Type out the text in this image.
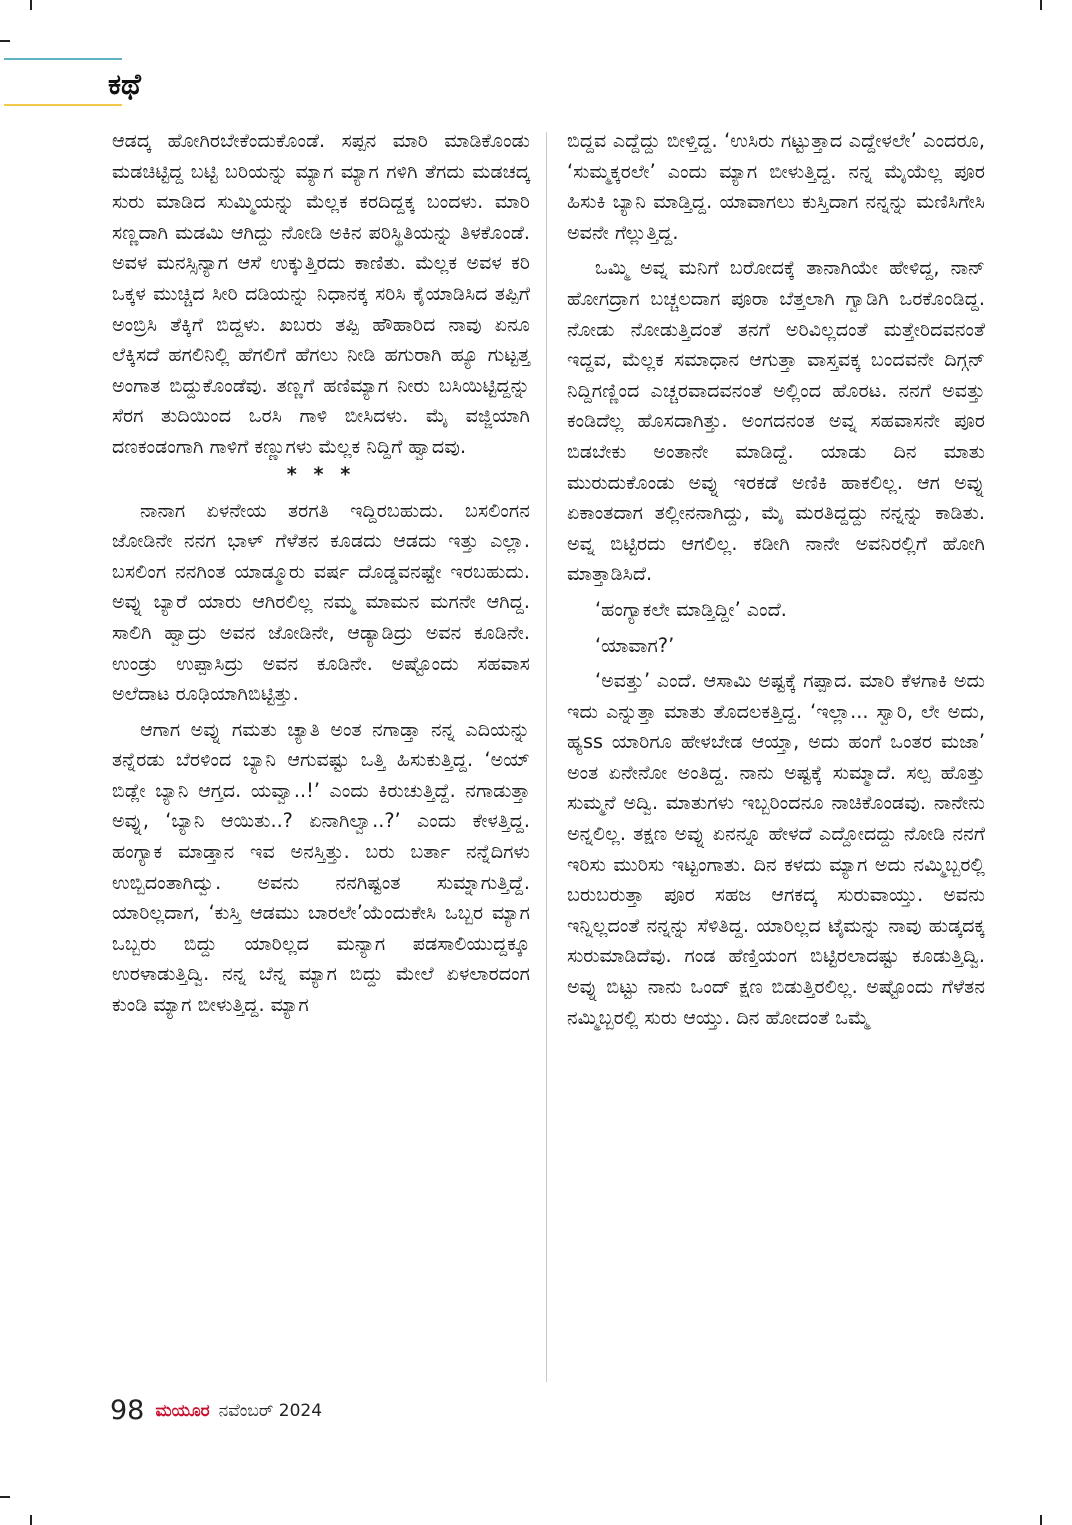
ಕಥೆ

ಆಡದ್ಕ ಹೋಗಿರಬೇಕೆಂದುಕೊಂಡೆ. ಸಪ್ಪನ ಮಾರಿ ಮಾಡಿಕೊಂಡು ಮಡಚಿಟ್ಟಿದ್ದ ಬಟ್ಟಿ ಬರಿಯನ್ನು ಮ್ಯಾಗ ಮ್ಯಾಗ ಗಳಿಗಿ ತೆಗದು ಮಡಚದ್ಕ ಸುರು ಮಾಡಿದ ಸುಮ್ಮಿಯನ್ನು ಮೆಲ್ಲಕ ಕರದಿದ್ದಕ್ಕ ಬಂದಳು. ಮಾರಿ ಸಣ್ಣದಾಗಿ ಮಡಮಿ ಆಗಿದ್ದು ನೋಡಿ ಅಕಿನ ಪರಿಸ್ಥಿತಿಯನ್ನು ತಿಳಕೊಂಡೆ. ಅವಳ ಮನಸ್ಸಿನ್ಯಾಗ ಆಸೆ ಉಕ್ಕುತ್ತಿರದು ಕಾಣಿತು. ಮೆಲ್ಲಕ ಅವಳ ಕರಿ ಒಕ್ಕಳ ಮುಚ್ಚಿದ ಸೀರಿ ದಡಿಯನ್ನು ನಿಧಾನಕ್ಕ ಸರಿಸಿ ಕೈಯಾಡಿಸಿದ ತಪ್ಪಿಗೆ ಅಂಬ್ರಿಸಿ ತೆಕ್ಕಿಗೆ ಬಿದ್ದಳು. ಖಬರು ತಪ್ಪಿ ಹೌಹಾರಿದ ನಾವು ಏನೂ ಲೆಕ್ಕಿಸದೆ ಹಗಲಿನಿಲ್ಲಿ ಹೆಗಲಿಗೆ ಹೆಗಲು ನೀಡಿ ಹಗುರಾಗಿ ಹ್ಯೂ ಗುಟ್ಟತ್ತ ಅಂಗಾತ ಬಿದ್ದುಕೊಂಡೆವು. ತಣ್ಣಗೆ ಹಣಿಮ್ಯಾಗ ನೀರು ಬಸಿಯಿಟ್ಟಿದ್ದನ್ನು ಸೆರಗ ತುದಿಯಿಂದ ಒರಸಿ ಗಾಳಿ ಬೀಸಿದಳು. ಮೈ ವಜ್ಜಿಯಾಗಿ ದಣಕಂಡಂಗಾಗಿ ಗಾಳಿಗೆ ಕಣ್ಣುಗಳು ಮೆಲ್ಲಕ ನಿದ್ದಿಗೆ ಹ್ವಾದವು.

* * *

ನಾನಾಗ ಏಳನೇಯ ತರಗತಿ ಇದ್ದಿರಬಹುದು. ಬಸಲಿಂಗನ ಜೋಡಿನೇ ನನಗ ಭಾಳ್ ಗೆಳೆತನ ಕೂಡದು ಆಡದು ಇತ್ತು ಎಲ್ಲಾ. ಬಸಲಿಂಗ ನನಗಿಂತ ಯಾಡ್ಮೂರು ವರ್ಷ ದೊಡ್ಡವನಷ್ಟೇ ಇರಬಹುದು. ಅವ್ನು ಬ್ಯಾರೆ ಯಾರು ಆಗಿರಲಿಲ್ಲ ನಮ್ಮ ಮಾಮನ ಮಗನೇ ಆಗಿದ್ದ. ಸಾಲಿಗಿ ಹ್ವಾದ್ರು ಅವನ ಜೋಡಿನೇ, ಆಡ್ಯಾಡಿದ್ರು ಅವನ ಕೂಡಿನೇ. ಉಂಡ್ರು ಉಪ್ಪಾಸಿದ್ರು ಅವನ ಕೂಡಿನೇ. ಅಷ್ಟೊಂದು ಸಹವಾಸ ಅಲೆದಾಟ ರೂಢಿಯಾಗಿಬಿಟ್ಟಿತ್ತು.

ಆಗಾಗ ಅವ್ನು ಗಮತು ಚ್ಯಾತಿ ಅಂತ ನಗಾಡ್ತಾ ನನ್ನ ಎದಿಯನ್ನು ತನ್ನೆರಡು ಬೆರಳಿಂದ ಬ್ಯಾನಿ ಆಗುವಷ್ಟು ಒತ್ತಿ ಹಿಸುಕುತ್ತಿದ್ದ. ‘ಅಯ್ ಬಿಡ್ಲೇ ಬ್ಯಾನಿ ಆಗ್ತದ. ಯವ್ವಾ..!’ ಎಂದು ಕಿರುಚುತ್ತಿದ್ದೆ. ನಗಾಡುತ್ತಾ ಅವ್ನು, ‘ಬ್ಯಾನಿ ಆಯಿತು..? ಏನಾಗಿಲ್ವಾ..?’ ಎಂದು ಕೇಳತ್ತಿದ್ದ. ಹಂಗ್ಯಾಕ ಮಾಡ್ತಾನ ಇವ ಅನಸ್ತಿತ್ತು. ಬರು ಬರ್ತಾ ನನ್ನೆದಿಗಳು ಉಬ್ಬಿದಂತಾಗಿದ್ವು. ಅವನು ನನಗಿಷ್ಟಂತ ಸುಮ್ನಾಗುತ್ತಿದ್ದೆ. ಯಾರಿಲ್ಲದಾಗ, ‘ಕುಸ್ತಿ ಆಡಮು ಬಾರಲೇ’ಯೆಂದುಕೇಸಿ ಒಬ್ಬರ ಮ್ಯಾಗ ಒಬ್ಬರು ಬಿದ್ದು ಯಾರಿಲ್ಲದ ಮನ್ಯಾಗ ಪಡಸಾಲಿಯುದ್ದಕ್ಕೂ ಉರಳಾಡುತ್ತಿದ್ವಿ. ನನ್ನ ಬೆನ್ನ ಮ್ಯಾಗ ಬಿದ್ದು ಮೇಲೆ ಏಳಲಾರದಂಗ ಕುಂಡಿ ಮ್ಯಾಗ ಬೀಳುತ್ತಿದ್ದ. ಮ್ಯಾಗ

ಬಿದ್ದವ ಎದ್ದೆದ್ದು ಬೀಳ್ತಿದ್ದ. ‘ಉಸಿರು ಗಟ್ಟುತ್ತಾದ ಎದ್ದೇಳಲೇ’ ಎಂದರೂ, ‘ಸುಮ್ಮಕ್ಕರಲೇ’ ಎಂದು ಮ್ಯಾಗ ಬೀಳುತ್ತಿದ್ದ. ನನ್ನ ಮೈಯೆಲ್ಲ ಪೂರ ಹಿಸುಕಿ ಬ್ಯಾನಿ ಮಾಡ್ತಿದ್ದ. ಯಾವಾಗಲು ಕುಸ್ತಿದಾಗ ನನ್ನನ್ನು ಮಣಿಸಿಗೇಸಿ ಅವನೇ ಗೆಲ್ಲುತ್ತಿದ್ದ.

ಒಮ್ಮಿ ಅವ್ನ ಮನಿಗೆ ಬರೋದಕ್ಕೆ ತಾನಾಗಿಯೇ ಹೇಳಿದ್ದ, ನಾನ್ ಹೋಗದ್ರಾಗ ಬಚ್ಚಲದಾಗ ಪೂರಾ ಬೆತ್ತಲಾಗಿ ಗ್ವಾಡಿಗಿ ಒರಕೊಂಡಿದ್ದ. ನೋಡು ನೋಡುತ್ತಿದಂತೆ ತನಗೆ ಅರಿವಿಲ್ಲದಂತೆ ಮತ್ತೇರಿದವನಂತೆ ಇದ್ದವ, ಮೆಲ್ಲಕ ಸಮಾಧಾನ ಆಗುತ್ತಾ ವಾಸ್ತವಕ್ಕ ಬಂದವನೇ ದಿಗ್ಗನ್ ನಿದ್ದಿಗಣ್ಣಿಂದ ಎಚ್ಚರವಾದವನಂತೆ ಅಲ್ಲಿಂದ ಹೊರಟ. ನನಗೆ ಅವತ್ತು ಕಂಡಿದೆಲ್ಲ ಹೊಸದಾಗಿತ್ತು. ಅಂಗದನಂತ ಅವ್ನ ಸಹವಾಸನೇ ಪೂರ ಬಿಡಬೇಕು ಅಂತಾನೇ ಮಾಡಿದ್ದೆ. ಯಾಡು ದಿನ ಮಾತು ಮುರುದುಕೊಂಡು ಅವ್ನು ಇರಕಡೆ ಅಣಿಕಿ ಹಾಕಲಿಲ್ಲ. ಆಗ ಅವ್ನು ಏಕಾಂತದಾಗ ತಲ್ಲೀನನಾಗಿದ್ದು, ಮೈ ಮರತಿದ್ದದ್ದು ನನ್ನನ್ನು ಕಾಡಿತು. ಅವ್ನ ಬಿಟ್ಟಿರದು ಆಗಲಿಲ್ಲ. ಕಡೀಗಿ ನಾನೇ ಅವನಿರಲ್ಲಿಗೆ ಹೋಗಿ ಮಾತ್ತಾಡಿಸಿದೆ.

‘ಹಂಗ್ಯಾಕಲೇ ಮಾಡ್ತಿದ್ದೀ’ ಎಂದೆ.

‘ಯಾವಾಗ?’

‘ಅವತ್ತು’ ಎಂದೆ. ಆಸಾಮಿ ಅಷ್ಟಕ್ಕೆ ಗಪ್ಪಾದ. ಮಾರಿ ಕೆಳಗಾಕಿ ಅದು ಇದು ಎನ್ನುತ್ತಾ ಮಾತು ತೊದಲಕತ್ತಿದ್ದ. ‘ಇಲ್ಲಾ... ಸ್ವಾರಿ, ಲೇ ಅದು, ಹ್ಯss ಯಾರಿಗೂ ಹೇಳಬೇಡ ಆಯ್ತಾ, ಅದು ಹಂಗೆ ಒಂತರ ಮಜಾ’ ಅಂತ ಏನೇನೋ ಅಂತಿದ್ದ. ನಾನು ಅಷ್ಟಕ್ಕೆ ಸುಮ್ಮಾದೆ. ಸಲ್ಪ ಹೊತ್ತು ಸುಮ್ಮನೆ ಅದ್ವಿ. ಮಾತುಗಳು ಇಬ್ಬರಿಂದನೂ ನಾಚಿಕೊಂಡವು. ನಾನೇನು ಅನ್ನಲಿಲ್ಲ. ತಕ್ಷಣ ಅವ್ನು ಏನನ್ನೂ ಹೇಳದೆ ಎದ್ದೋದದ್ದು ನೋಡಿ ನನಗೆ ಇರಿಸು ಮುರಿಸು ಇಟ್ಟಂಗಾತು. ದಿನ ಕಳದು ಮ್ಯಾಗ ಅದು ನಮ್ಮಿಬ್ಬರಲ್ಲಿ ಬರುಬರುತ್ತಾ ಪೂರ ಸಹಜ ಆಗಕದ್ಕ ಸುರುವಾಯ್ತು. ಅವನು ಇನ್ನಿಲ್ಲದಂತೆ ನನ್ನನ್ನು ಸೆಳಿತಿದ್ದ. ಯಾರಿಲ್ಲದ ಟೈಮನ್ನು ನಾವು ಹುಡ್ಕದಕ್ಕ ಸುರುಮಾಡಿದೆವು. ಗಂಡ ಹೆಣ್ತಿಯಂಗ ಬಿಟ್ಟಿರಲಾದಷ್ಟು ಕೂಡುತ್ತಿದ್ವಿ. ಅವ್ನು ಬಿಟ್ಟು ನಾನು ಒಂದ್ ಕ್ಷಣ ಬಿಡುತ್ತಿರಲಿಲ್ಲ. ಅಷ್ಟೊಂದು ಗೆಳೆತನ ನಮ್ಮಿಬ್ಬರಲ್ಲಿ ಸುರು ಆಯ್ತು. ದಿನ ಹೋದಂತೆ ಒಮ್ಮೆ

98 ಮಯೂರ ನವೆಂಬರ್ 2024
